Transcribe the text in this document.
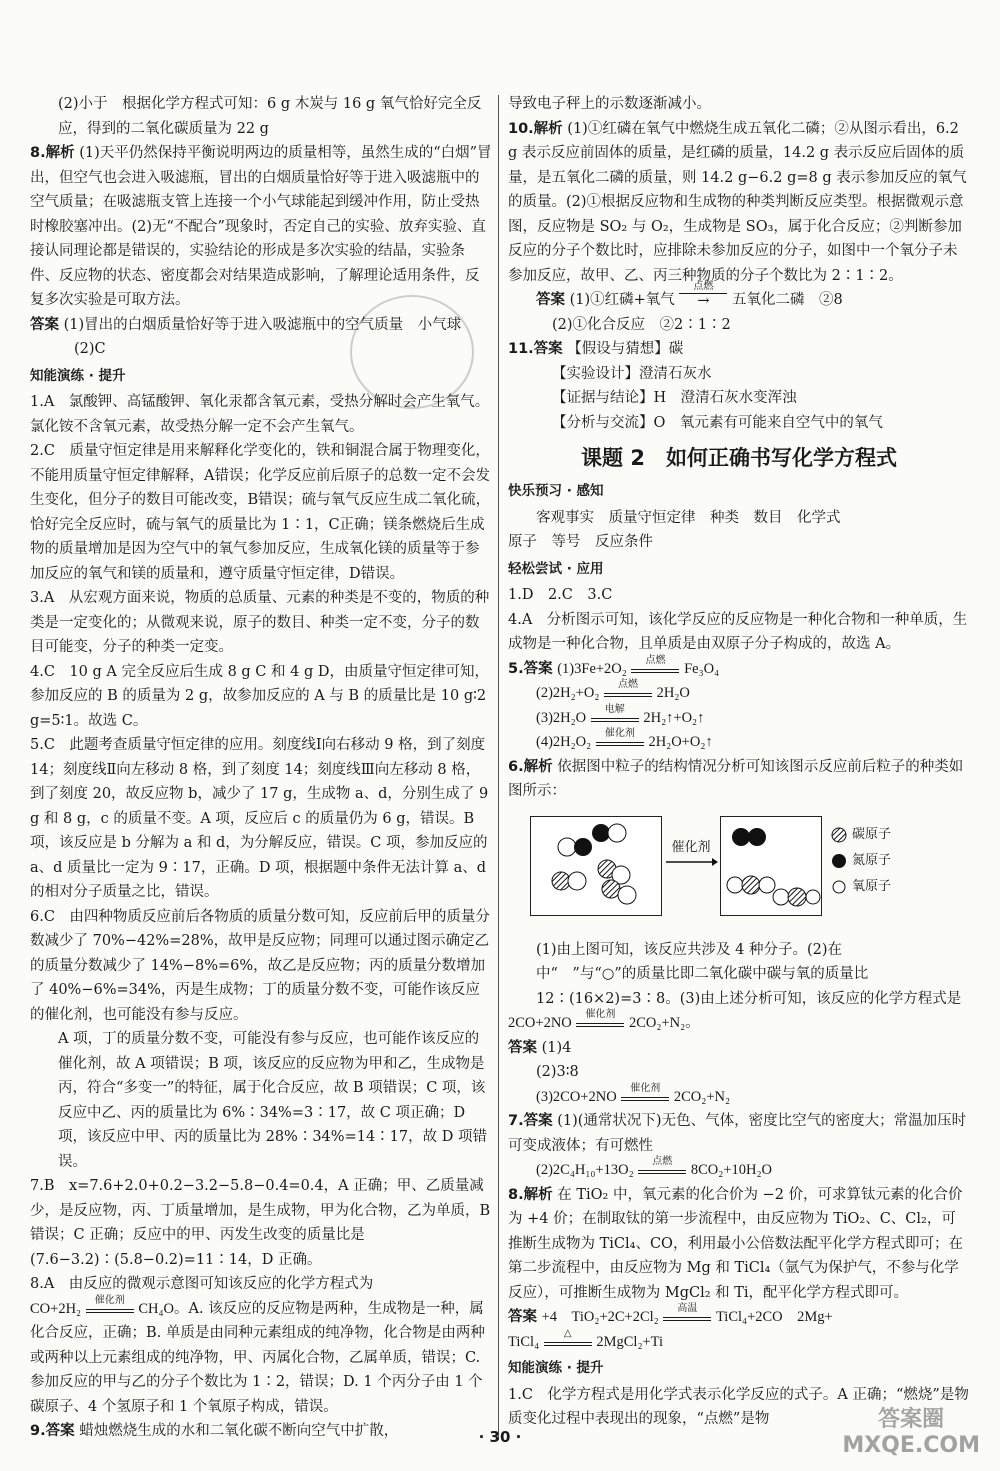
(2)小于　根据化学方程式可知：6 g 木炭与 16 g 氧气恰好完全反应，得到的二氧化碳质量为 22 g

8.解析 (1)天平仍然保持平衡说明两边的质量相等，虽然生成的“白烟”冒出，但空气也会进入吸滤瓶，冒出的白烟质量恰好等于进入吸滤瓶中的空气质量；在吸滤瓶支管上连接一个小气球能起到缓冲作用，防止受热时橡胶塞冲出。(2)无“不配合”现象时，否定自己的实验、放弃实验、直接认同理论都是错误的，实验结论的形成是多次实验的结晶，实验条件、反应物的状态、密度都会对结果造成影响，了解理论适用条件，反复多次实验是可取方法。

答案 (1)冒出的白烟质量恰好等于进入吸滤瓶中的空气质量　小气球

(2)C

知能演练 · 提升

1.A　氯酸钾、高锰酸钾、氧化汞都含氧元素，受热分解时会产生氧气。氯化铵不含氧元素，故受热分解一定不会产生氧气。

2.C　质量守恒定律是用来解释化学变化的，铁和铜混合属于物理变化，不能用质量守恒定律解释，A错误；化学反应前后原子的总数一定不会发生变化，但分子的数目可能改变，B错误；硫与氧气反应生成二氧化硫，恰好完全反应时，硫与氧气的质量比为 1∶1，C正确；镁条燃烧后生成物的质量增加是因为空气中的氧气参加反应，生成氧化镁的质量等于参加反应的氧气和镁的质量和，遵守质量守恒定律，D错误。

3.A　从宏观方面来说，物质的总质量、元素的种类是不变的，物质的种类是一定变化的；从微观来说，原子的数目、种类一定不变，分子的数目可能变，分子的种类一定变。

4.C　10 g A 完全反应后生成 8 g C 和 4 g D，由质量守恒定律可知，参加反应的 B 的质量为 2 g，故参加反应的 A 与 B 的质量比是 10 g∶2 g=5∶1。故选 C。

5.C　此题考查质量守恒定律的应用。刻度线Ⅰ向右移动 9 格，到了刻度 14；刻度线Ⅱ向左移动 8 格，到了刻度 14；刻度线Ⅲ向左移动 8 格，到了刻度 20，故反应物 b，减少了 17 g，生成物 a、d，分别生成了 9 g 和 8 g，c 的质量不变。A 项，反应后 c 的质量仍为 6 g，错误。B 项，该反应是 b 分解为 a 和 d，为分解反应，错误。C 项，参加反应的 a、d 质量比一定为 9∶17，正确。D 项，根据题中条件无法计算 a、d 的相对分子质量之比，错误。

6.C　由四种物质反应前后各物质的质量分数可知，反应前后甲的质量分数减少了 70%−42%=28%，故甲是反应物；同理可以通过图示确定乙的质量分数减少了 14%−8%=6%，故乙是反应物；丙的质量分数增加了 40%−6%=34%，丙是生成物；丁的质量分数不变，可能作该反应的催化剂，也可能没有参与反应。

A 项，丁的质量分数不变，可能没有参与反应，也可能作该反应的催化剂，故 A 项错误；B 项，该反应的反应物为甲和乙，生成物是丙，符合“多变一”的特征，属于化合反应，故 B 项错误；C 项，该反应中乙、丙的质量比为 6%∶34%=3∶17，故 C 项正确；D 项，该反应中甲、丙的质量比为 28%∶34%=14∶17，故 D 项错误。

7.B　x=7.6+2.0+0.2−3.2−5.8−0.4=0.4，A 正确；甲、乙质量减少，是反应物，丙、丁质量增加，是生成物，甲为化合物，乙为单质，B 错误；C 正确；反应中的甲、丙发生改变的质量比是(7.6−3.2)∶(5.8−0.2)=11∶14，D 正确。

8.A　由反应的微观示意图可知该反应的化学方程式为

CO+2H₂
催化剂
CH₄O。A. 该反应的反应物是两种，生成物是一种，属化合反应，正确；B. 单质是由同种元素组成的纯净物，化合物是由两种或两种以上元素组成的纯净物，甲、丙属化合物，乙属单质，错误；C. 参加反应的甲与乙的分子个数比为 1∶2，错误；D. 1 个丙分子由 1 个碳原子、4 个氢原子和 1 个氧原子构成，错误。

9.答案 蜡烛燃烧生成的水和二氧化碳不断向空气中扩散，

导致电子秤上的示数逐渐减小。

10.解析 (1)①红磷在氧气中燃烧生成五氧化二磷；②从图示看出，6.2 g 表示反应前固体的质量，是红磷的质量，14.2 g 表示反应后固体的质量，是五氧化二磷的质量，则 14.2 g−6.2 g=8 g 表示参加反应的氧气的质量。(2)①根据反应物和生成物的种类判断反应类型。根据微观示意图，反应物是 SO₂ 与 O₂，生成物是 SO₃，属于化合反应；②判断参加反应的分子个数比时，应排除未参加反应的分子，如图中一个氧分子未参加反应，故甲、乙、丙三种物质的分子个数比为 2∶1∶2。

答案 (1)①红磷+氧气
点燃
→ 五氧化二磷　②8

(2)①化合反应　②2∶1∶2

11.答案 【假设与猜想】碳

【实验设计】澄清石灰水

【证据与结论】H　澄清石灰水变浑浊

【分析与交流】O　氧元素有可能来自空气中的氧气

课题 2　如何正确书写化学方程式

快乐预习 · 感知

客观事实　质量守恒定律　种类　数目　化学式

原子　等号　反应条件

轻松尝试 · 应用

1.D　2.C　3.C

4.A　分析图示可知，该化学反应的反应物是一种化合物和一种单质，生成物是一种化合物，且单质是由双原子分子构成的，故选 A。

5.答案 (1)3Fe+2O₂
点燃
Fe₃O₄

(2)2H₂+O₂
点燃
2H₂O

(3)2H₂O
电解
2H₂↑+O₂↑

(4)2H₂O₂
催化剂
2H₂O+O₂↑

6.解析 依据图中粒子的结构情况分析可知该图示反应前后粒子的种类如图所示：

催化剂
碳原子
氮原子
氧原子

(1)由上图可知，该反应共涉及 4 种分子。(2)在　　中“　”与“○”的质量比即二氧化碳中碳与氧的质量比 12∶(16×2)=3∶8。(3)由上述分析可知，该反应的化学方程式是

2CO+2NO
催化剂
2CO₂+N₂。

答案 (1)4

(2)3∶8

(3)2CO+2NO
催化剂
2CO₂+N₂

7.答案 (1)(通常状况下)无色、气体，密度比空气的密度大；常温加压时可变成液体；有可燃性

(2)2C₄H₁₀+13O₂
点燃
8CO₂+10H₂O

8.解析 在 TiO₂ 中，氧元素的化合价为 −2 价，可求算钛元素的化合价为 +4 价；在制取钛的第一步流程中，由反应物为 TiO₂、C、Cl₂，可推断生成物为 TiCl₄、CO，利用最小公倍数法配平化学方程式即可；在第二步流程中，由反应物为 Mg 和 TiCl₄（氩气为保护气，不参与化学反应），可推断生成物为 MgCl₂ 和 Ti，配平化学方程式即可。

答案 +4　TiO₂+2C+2Cl₂
高温
TiCl₄+2CO　2Mg+

TiCl₄
△
2MgCl₂+Ti

知能演练 · 提升

1.C　化学方程式是用化学式表示化学反应的式子。A 正确；“燃烧”是物质变化过程中表现出的现象，“点燃”是物

· 30 ·
答案圈
MXQE.COM
